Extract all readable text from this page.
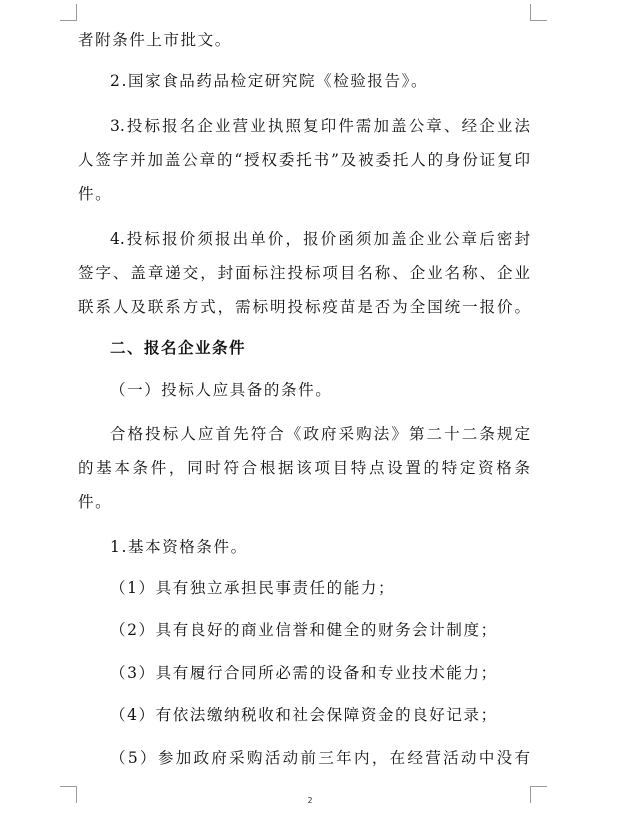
者附条件上市批文。
2.国家食品药品检定研究院《检验报告》。
3.投标报名企业营业执照复印件需加盖公章、经企业法
人签字并加盖公章的“授权委托书”及被委托人的身份证复印
件。
4.投标报价须报出单价，报价函须加盖企业公章后密封
签字、盖章递交，封面标注投标项目名称、企业名称、企业
联系人及联系方式，需标明投标疫苗是否为全国统一报价。
二、报名企业条件
（一）投标人应具备的条件。
合格投标人应首先符合《政府采购法》第二十二条规定
的基本条件，同时符合根据该项目特点设置的特定资格条
件。
1.基本资格条件。
（1）具有独立承担民事责任的能力；
（2）具有良好的商业信誉和健全的财务会计制度；
（3）具有履行合同所必需的设备和专业技术能力；
（4）有依法缴纳税收和社会保障资金的良好记录；
（5）参加政府采购活动前三年内，在经营活动中没有
2
